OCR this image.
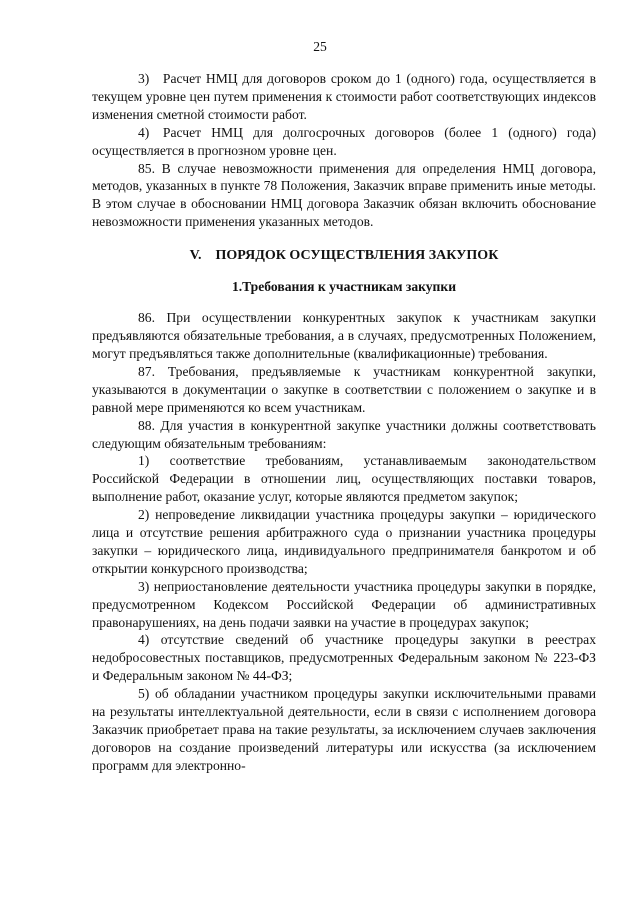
25

3) Расчет НМЦ для договоров сроком до 1 (одного) года, осуществляется в текущем уровне цен путем применения к стоимости работ соответствующих индексов изменения сметной стоимости работ.

4) Расчет НМЦ для долгосрочных договоров (более 1 (одного) года) осуществляется в прогнозном уровне цен.

85. В случае невозможности применения для определения НМЦ договора, методов, указанных в пункте 78 Положения, Заказчик вправе применить иные методы. В этом случае в обосновании НМЦ договора Заказчик обязан включить обоснование невозможности применения указанных методов.

V. ПОРЯДОК ОСУЩЕСТВЛЕНИЯ ЗАКУПОК
1.Требования к участникам закупки

86. При осуществлении конкурентных закупок к участникам закупки предъявляются обязательные требования, а в случаях, предусмотренных Положением, могут предъявляться также дополнительные (квалификационные) требования.

87. Требования, предъявляемые к участникам конкурентной закупки, указываются в документации о закупке в соответствии с положением о закупке и в равной мере применяются ко всем участникам.

88. Для участия в конкурентной закупке участники должны соответствовать следующим обязательным требованиям:

1) соответствие требованиям, устанавливаемым законодательством Российской Федерации в отношении лиц, осуществляющих поставки товаров, выполнение работ, оказание услуг, которые являются предметом закупок;

2) непроведение ликвидации участника процедуры закупки – юридического лица и отсутствие решения арбитражного суда о признании участника процедуры закупки – юридического лица, индивидуального предпринимателя банкротом и об открытии конкурсного производства;

3) неприостановление деятельности участника процедуры закупки в порядке, предусмотренном Кодексом Российской Федерации об административных правонарушениях, на день подачи заявки на участие в процедурах закупок;

4) отсутствие сведений об участнике процедуры закупки в реестрах недобросовестных поставщиков, предусмотренных Федеральным законом № 223-ФЗ и Федеральным законом № 44-ФЗ;

5) об обладании участником процедуры закупки исключительными правами на результаты интеллектуальной деятельности, если в связи с исполнением договора Заказчик приобретает права на такие результаты, за исключением случаев заключения договоров на создание произведений литературы или искусства (за исключением программ для электронно-
